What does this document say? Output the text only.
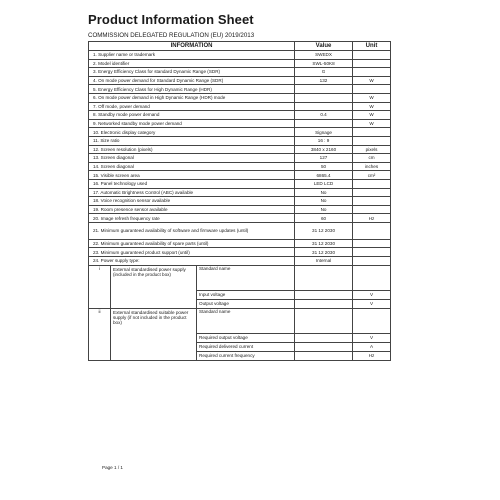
Product Information Sheet
COMMISSION DELEGATED REGULATION (EU) 2019/2013
INFORMATION			Value	Unit
1. Supplier name or trademark			SWEDX	
2. Model identifier			SWL-50K8	
3. Energy Efficiency Class for standard Dynamic Range (SDR)			G	
4. On mode power demand for Standard Dynamic Range (SDR)			132	W
5. Energy Efficiency Class for High Dynamic Range (HDR)				
6. On mode power demand in High Dynamic Range (HDR) mode				W
7. Off mode, power demand				W
8. Standby mode power demand			0.4	W
9. Networked standby mode power demand				W
10. Electronic display category			Signage	
11. Size ratio			16 : 9	
12. Screen resolution (pixels)			3840 x 2160	pixels
13. Screen diagonal			127	cm
14. Screen diagonal			50	inches
15. Visible screen area			6865.4	cm²
16. Panel technology used			LED LCD	
17. Automatic Brightness Control (ABC) available			No	
18. Voice recognition sensor available			No	
19. Room presence sensor available			No	
20. Image refresh frequency rate			60	Hz
21. Minimum guaranteed availability of software and firmware updates (until)			31 12 2030	
22. Minimum guaranteed availability of spare parts (until)			31 12 2030	
23. Minimum guaranteed product support (until)			31 12 2030	
24. Power supply type:			Internal	
i	External standardised power supply (included in the product box)	Standard name		
		Input voltage		V
		Output voltage		V
ii	External standardised suitable power supply (if not included in the product box)	Standard name		
		Required output voltage		V
		Required delivered current		A
		Required current frequency		Hz
Page 1 / 1
